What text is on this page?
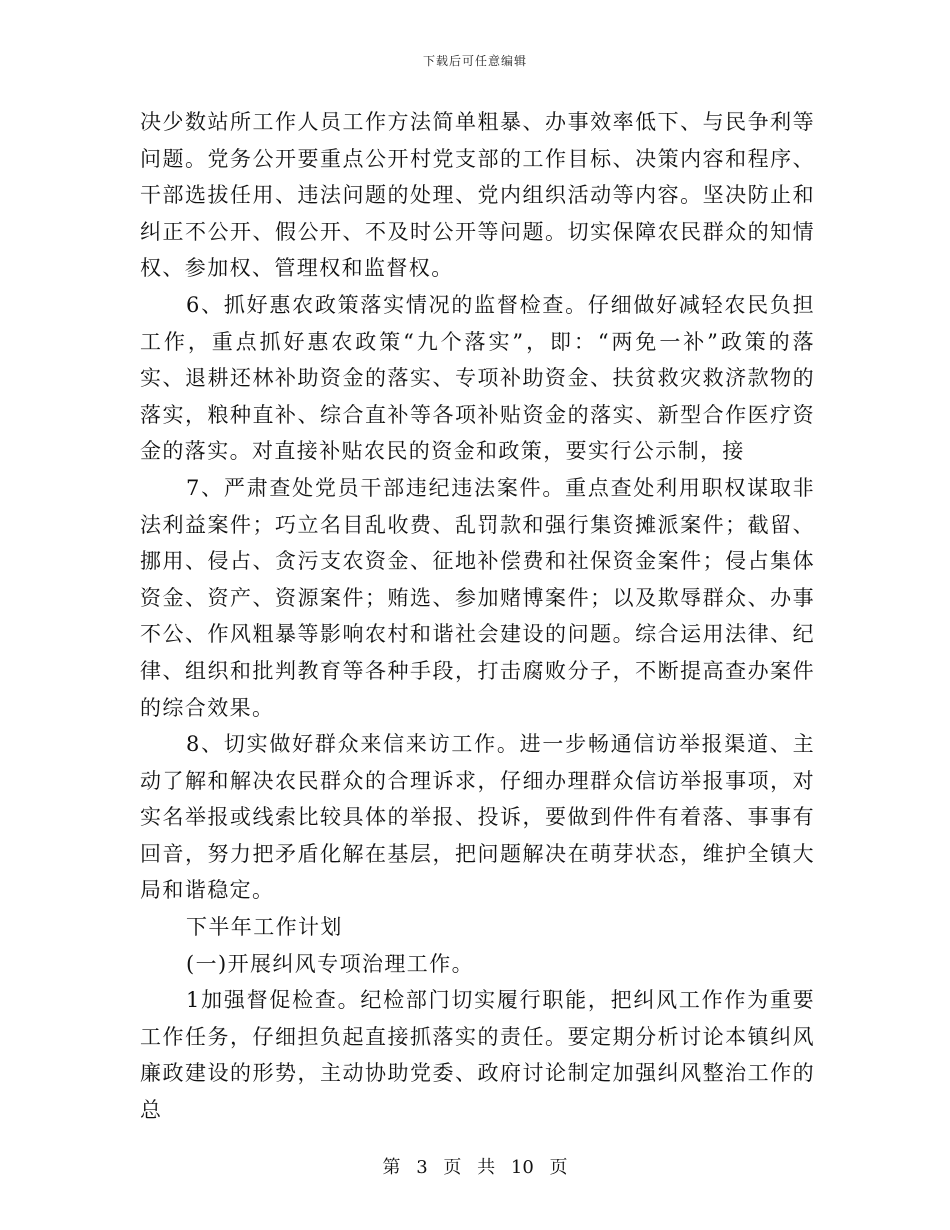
下载后可任意编辑

决少数站所工作人员工作方法简单粗暴、办事效率低下、与民争利等问题。党务公开要重点公开村党支部的工作目标、决策内容和程序、干部选拔任用、违法问题的处理、党内组织活动等内容。坚决防止和纠正不公开、假公开、不及时公开等问题。切实保障农民群众的知情权、参加权、管理权和监督权。

6、抓好惠农政策落实情况的监督检查。仔细做好减轻农民负担工作，重点抓好惠农政策“九个落实”，即：“两免一补”政策的落实、退耕还林补助资金的落实、专项补助资金、扶贫救灾救济款物的落实，粮种直补、综合直补等各项补贴资金的落实、新型合作医疗资金的落实。对直接补贴农民的资金和政策，要实行公示制，接

7、严肃查处党员干部违纪违法案件。重点查处利用职权谋取非法利益案件；巧立名目乱收费、乱罚款和强行集资摊派案件；截留、挪用、侵占、贪污支农资金、征地补偿费和社保资金案件；侵占集体资金、资产、资源案件；贿选、参加赌博案件；以及欺辱群众、办事不公、作风粗暴等影响农村和谐社会建设的问题。综合运用法律、纪律、组织和批判教育等各种手段，打击腐败分子，不断提高查办案件的综合效果。

8、切实做好群众来信来访工作。进一步畅通信访举报渠道、主动了解和解决农民群众的合理诉求，仔细办理群众信访举报事项，对实名举报或线索比较具体的举报、投诉，要做到件件有着落、事事有回音，努力把矛盾化解在基层，把问题解决在萌芽状态，维护全镇大局和谐稳定。

下半年工作计划

(一)开展纠风专项治理工作。

1加强督促检查。纪检部门切实履行职能，把纠风工作作为重要工作任务，仔细担负起直接抓落实的责任。要定期分析讨论本镇纠风廉政建设的形势，主动协助党委、政府讨论制定加强纠风整治工作的总

第 3 页 共 10 页
